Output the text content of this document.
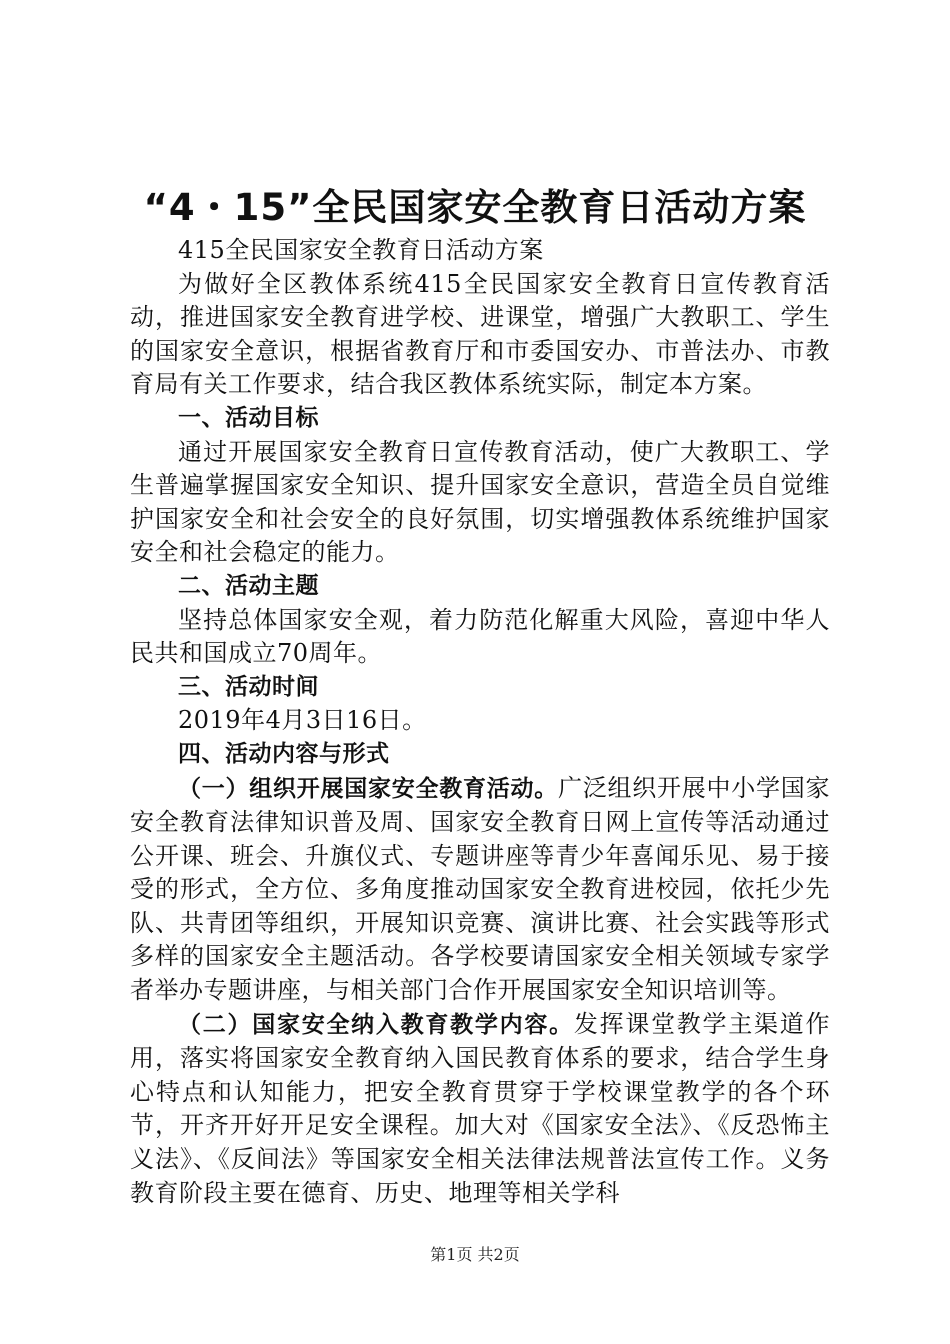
“4・15”全民国家安全教育日活动方案

415全民国家安全教育日活动方案

为做好全区教体系统415全民国家安全教育日宣传教育活动，推进国家安全教育进学校、进课堂，增强广大教职工、学生的国家安全意识，根据省教育厅和市委国安办、市普法办、市教育局有关工作要求，结合我区教体系统实际，制定本方案。

一、活动目标

通过开展国家安全教育日宣传教育活动，使广大教职工、学生普遍掌握国家安全知识、提升国家安全意识，营造全员自觉维护国家安全和社会安全的良好氛围，切实增强教体系统维护国家安全和社会稳定的能力。

二、活动主题

坚持总体国家安全观，着力防范化解重大风险，喜迎中华人民共和国成立70周年。

三、活动时间

2019年4月3日16日。

四、活动内容与形式

（一）组织开展国家安全教育活动。广泛组织开展中小学国家安全教育法律知识普及周、国家安全教育日网上宣传等活动通过公开课、班会、升旗仪式、专题讲座等青少年喜闻乐见、易于接受的形式，全方位、多角度推动国家安全教育进校园，依托少先队、共青团等组织，开展知识竞赛、演讲比赛、社会实践等形式多样的国家安全主题活动。各学校要请国家安全相关领域专家学者举办专题讲座，与相关部门合作开展国家安全知识培训等。

（二）国家安全纳入教育教学内容。发挥课堂教学主渠道作用，落实将国家安全教育纳入国民教育体系的要求，结合学生身心特点和认知能力，把安全教育贯穿于学校课堂教学的各个环节，开齐开好开足安全课程。加大对《国家安全法》、《反恐怖主义法》、《反间法》等国家安全相关法律法规普法宣传工作。义务教育阶段主要在德育、历史、地理等相关学科

第1页 共2页
